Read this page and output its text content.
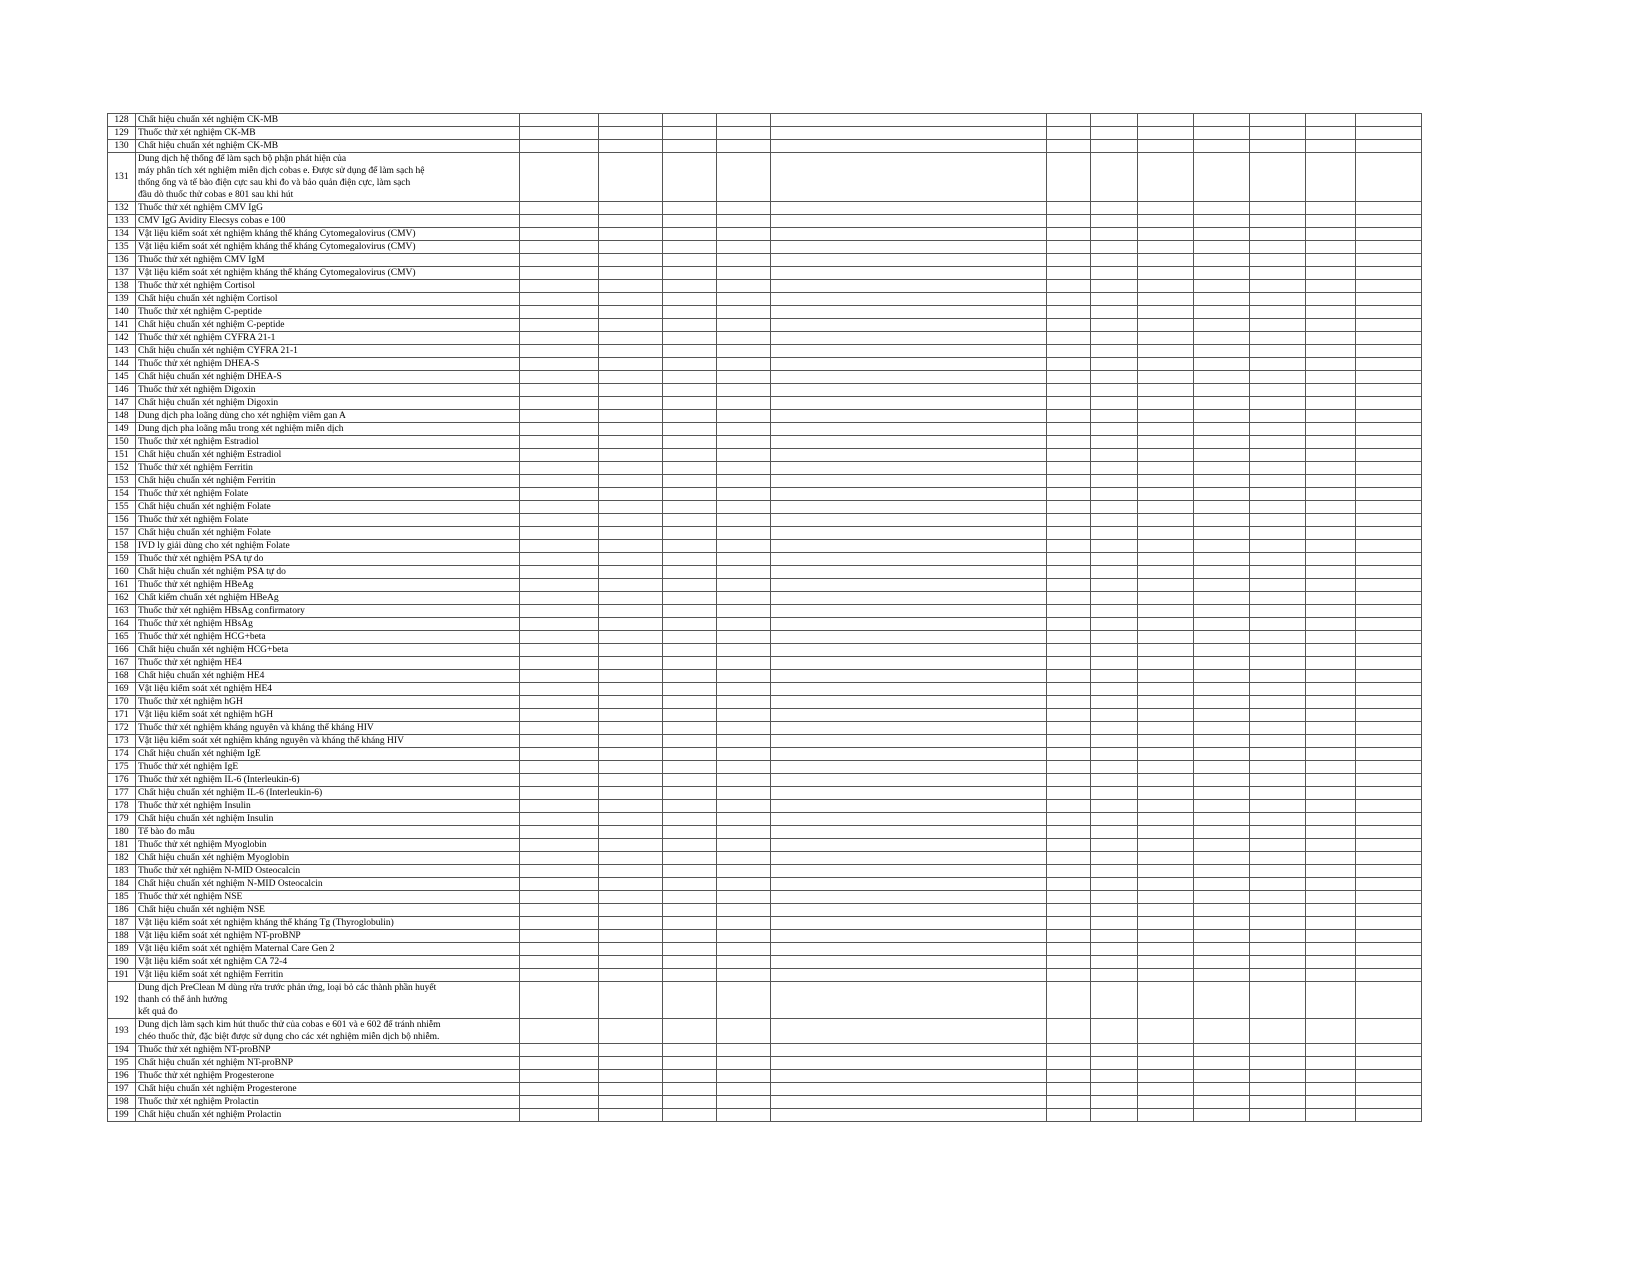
128	Chất hiệu chuẩn xét nghiệm CK-MB												

129	Thuốc thử xét nghiệm CK-MB												

130	Chất hiệu chuẩn xét nghiệm CK-MB												

131	Dung dịch hệ thống để làm sạch bộ phận phát hiện của
máy phân tích xét nghiệm miễn dịch cobas e. Được sử dụng để làm sạch hệ
thống ống và tế bào điện cực sau khi đo và bảo quản điện cực, làm sạch
đầu dò thuốc thử cobas e 801 sau khi hút												

132	Thuốc thử xét nghiệm CMV IgG												

133	CMV IgG Avidity Elecsys cobas e 100												

134	Vật liệu kiểm soát xét nghiệm kháng thể kháng Cytomegalovirus (CMV)												

135	Vật liệu kiểm soát xét nghiệm kháng thể kháng Cytomegalovirus (CMV)												

136	Thuốc thử xét nghiệm CMV IgM												

137	Vật liệu kiểm soát xét nghiệm kháng thể kháng Cytomegalovirus (CMV)												

138	Thuốc thử xét nghiệm Cortisol												

139	Chất hiệu chuẩn xét nghiệm Cortisol												

140	Thuốc thử xét nghiệm C-peptide												

141	Chất hiệu chuẩn xét nghiệm C-peptide												

142	Thuốc thử xét nghiệm CYFRA 21-1												

143	Chất hiệu chuẩn xét nghiệm CYFRA 21-1												

144	Thuốc thử xét nghiệm DHEA-S												

145	Chất hiệu chuẩn xét nghiệm DHEA-S												

146	Thuốc thử xét nghiệm Digoxin												

147	Chất hiệu chuẩn xét nghiệm Digoxin												

148	Dung dịch pha loãng dùng cho xét nghiệm viêm gan A												

149	Dung dịch pha loãng mẫu trong xét nghiệm miễn dịch												

150	Thuốc thử xét nghiệm Estradiol												

151	Chất hiệu chuẩn xét nghiệm Estradiol												

152	Thuốc thử xét nghiệm Ferritin												

153	Chất hiệu chuẩn xét nghiệm Ferritin												

154	Thuốc thử xét nghiệm Folate												

155	Chất hiệu chuẩn xét nghiệm Folate												

156	Thuốc thử xét nghiệm Folate												

157	Chất hiệu chuẩn xét nghiệm Folate												

158	IVD ly giải dùng cho xét nghiệm Folate												

159	Thuốc thử xét nghiệm PSA tự do												

160	Chất hiệu chuẩn xét nghiệm PSA tự do												

161	Thuốc thử xét nghiệm HBeAg												

162	Chất kiểm chuẩn xét nghiệm HBeAg												

163	Thuốc thử xét nghiệm HBsAg confirmatory												

164	Thuốc thử xét nghiệm HBsAg												

165	Thuốc thử xét nghiệm HCG+beta												

166	Chất hiệu chuẩn xét nghiệm HCG+beta												

167	Thuốc thử xét nghiệm HE4												

168	Chất hiệu chuẩn xét nghiệm HE4												

169	Vật liệu kiểm soát xét nghiệm HE4												

170	Thuốc thử xét nghiệm hGH												

171	Vật liệu kiểm soát xét nghiệm hGH												

172	Thuốc thử xét nghiệm kháng nguyên và kháng thể kháng HIV												

173	Vật liệu kiểm soát xét nghiệm kháng nguyên và kháng thể kháng HIV												

174	Chất hiệu chuẩn xét nghiệm IgE												

175	Thuốc thử xét nghiệm IgE												

176	Thuốc thử xét nghiệm IL-6 (Interleukin-6)												

177	Chất hiệu chuẩn xét nghiệm IL-6 (Interleukin-6)												

178	Thuốc thử xét nghiệm Insulin												

179	Chất hiệu chuẩn xét nghiệm Insulin												

180	Tế bào đo mẫu												

181	Thuốc thử xét nghiệm Myoglobin												

182	Chất hiệu chuẩn xét nghiệm Myoglobin												

183	Thuốc thử xét nghiệm N-MID Osteocalcin												

184	Chất hiệu chuẩn xét nghiệm N-MID Osteocalcin												

185	Thuốc thử xét nghiệm NSE												

186	Chất hiệu chuẩn xét nghiệm NSE												

187	Vật liệu kiểm soát xét nghiệm kháng thể kháng Tg (Thyroglobulin)												

188	Vật liệu kiểm soát xét nghiệm NT-proBNP												

189	Vật liệu kiểm soát xét nghiệm Maternal Care Gen 2												

190	Vật liệu kiểm soát xét nghiệm CA 72-4												

191	Vật liệu kiểm soát xét nghiệm Ferritin												

192	Dung dịch PreClean M dùng rửa trước phản ứng, loại bỏ các thành phần huyết
thanh có thể ảnh hưởng
kết quả đo												

193	Dung dịch làm sạch kim hút thuốc thử của cobas e 601 và e 602 để tránh nhiễm
chéo thuốc thử, đặc biệt được sử dụng cho các xét nghiệm miễn dịch bộ nhiễm.												

194	Thuốc thử xét nghiệm NT-proBNP												

195	Chất hiệu chuẩn xét nghiệm NT-proBNP												

196	Thuốc thử xét nghiệm Progesterone												

197	Chất hiệu chuẩn xét nghiệm Progesterone												

198	Thuốc thử xét nghiệm Prolactin												

199	Chất hiệu chuẩn xét nghiệm Prolactin												
